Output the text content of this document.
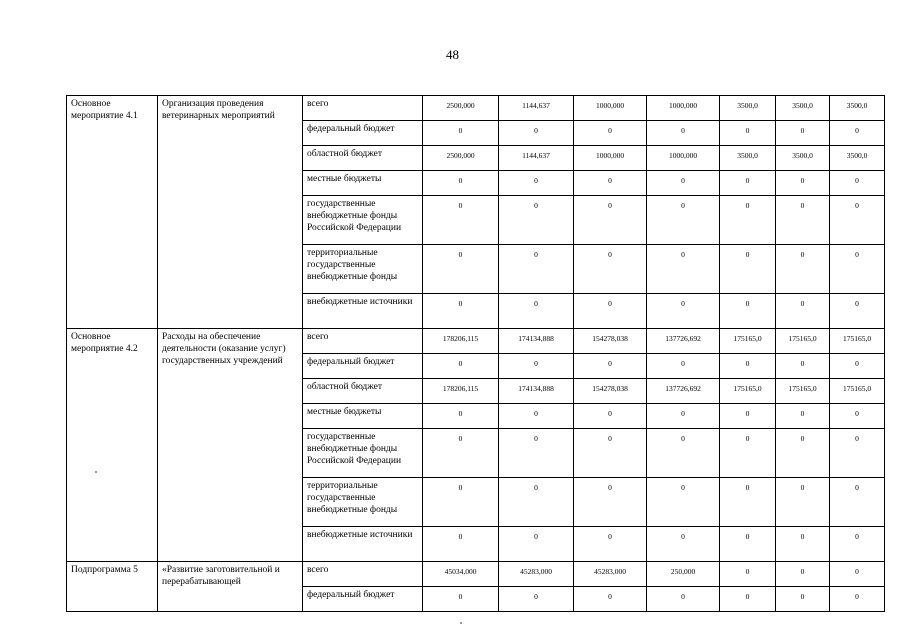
48
Основное мероприятие 4.1	Организация проведения ветеринарных мероприятий	всего	2500,000	1144,637	1000,000	1000,000	3500,0	3500,0	3500,0
		федеральный бюджет	0	0	0	0	0	0	0
		областной бюджет	2500,000	1144,637	1000,000	1000,000	3500,0	3500,0	3500,0
		местные бюджеты	0	0	0	0	0	0	0
		государственные внебюджетные фонды Российской Федерации	0	0	0	0	0	0	0
		территориальные государственные внебюджетные фонды	0	0	0	0	0	0	0
		внебюджетные источники	0	0	0	0	0	0	0
Основное мероприятие 4.2	Расходы на обеспечение деятельности (оказание услуг) государственных учреждений	всего	178206,115	174134,888	154278,038	137726,692	175165,0	175165,0	175165,0
		федеральный бюджет	0	0	0	0	0	0	0
		областной бюджет	178206,115	174134,888	154278,038	137726,692	175165,0	175165,0	175165,0
		местные бюджеты	0	0	0	0	0	0	0
		государственные внебюджетные фонды Российской Федерации	0	0	0	0	0	0	0
		территориальные государственные внебюджетные фонды	0	0	0	0	0	0	0
		внебюджетные источники	0	0	0	0	0	0	0
Подпрограмма 5	«Развитие заготовительной и перерабатывающей	всего	45034,000	45283,000	45283,000	250,000	0	0	0
		федеральный бюджет	0	0	0	0	0	0	0
